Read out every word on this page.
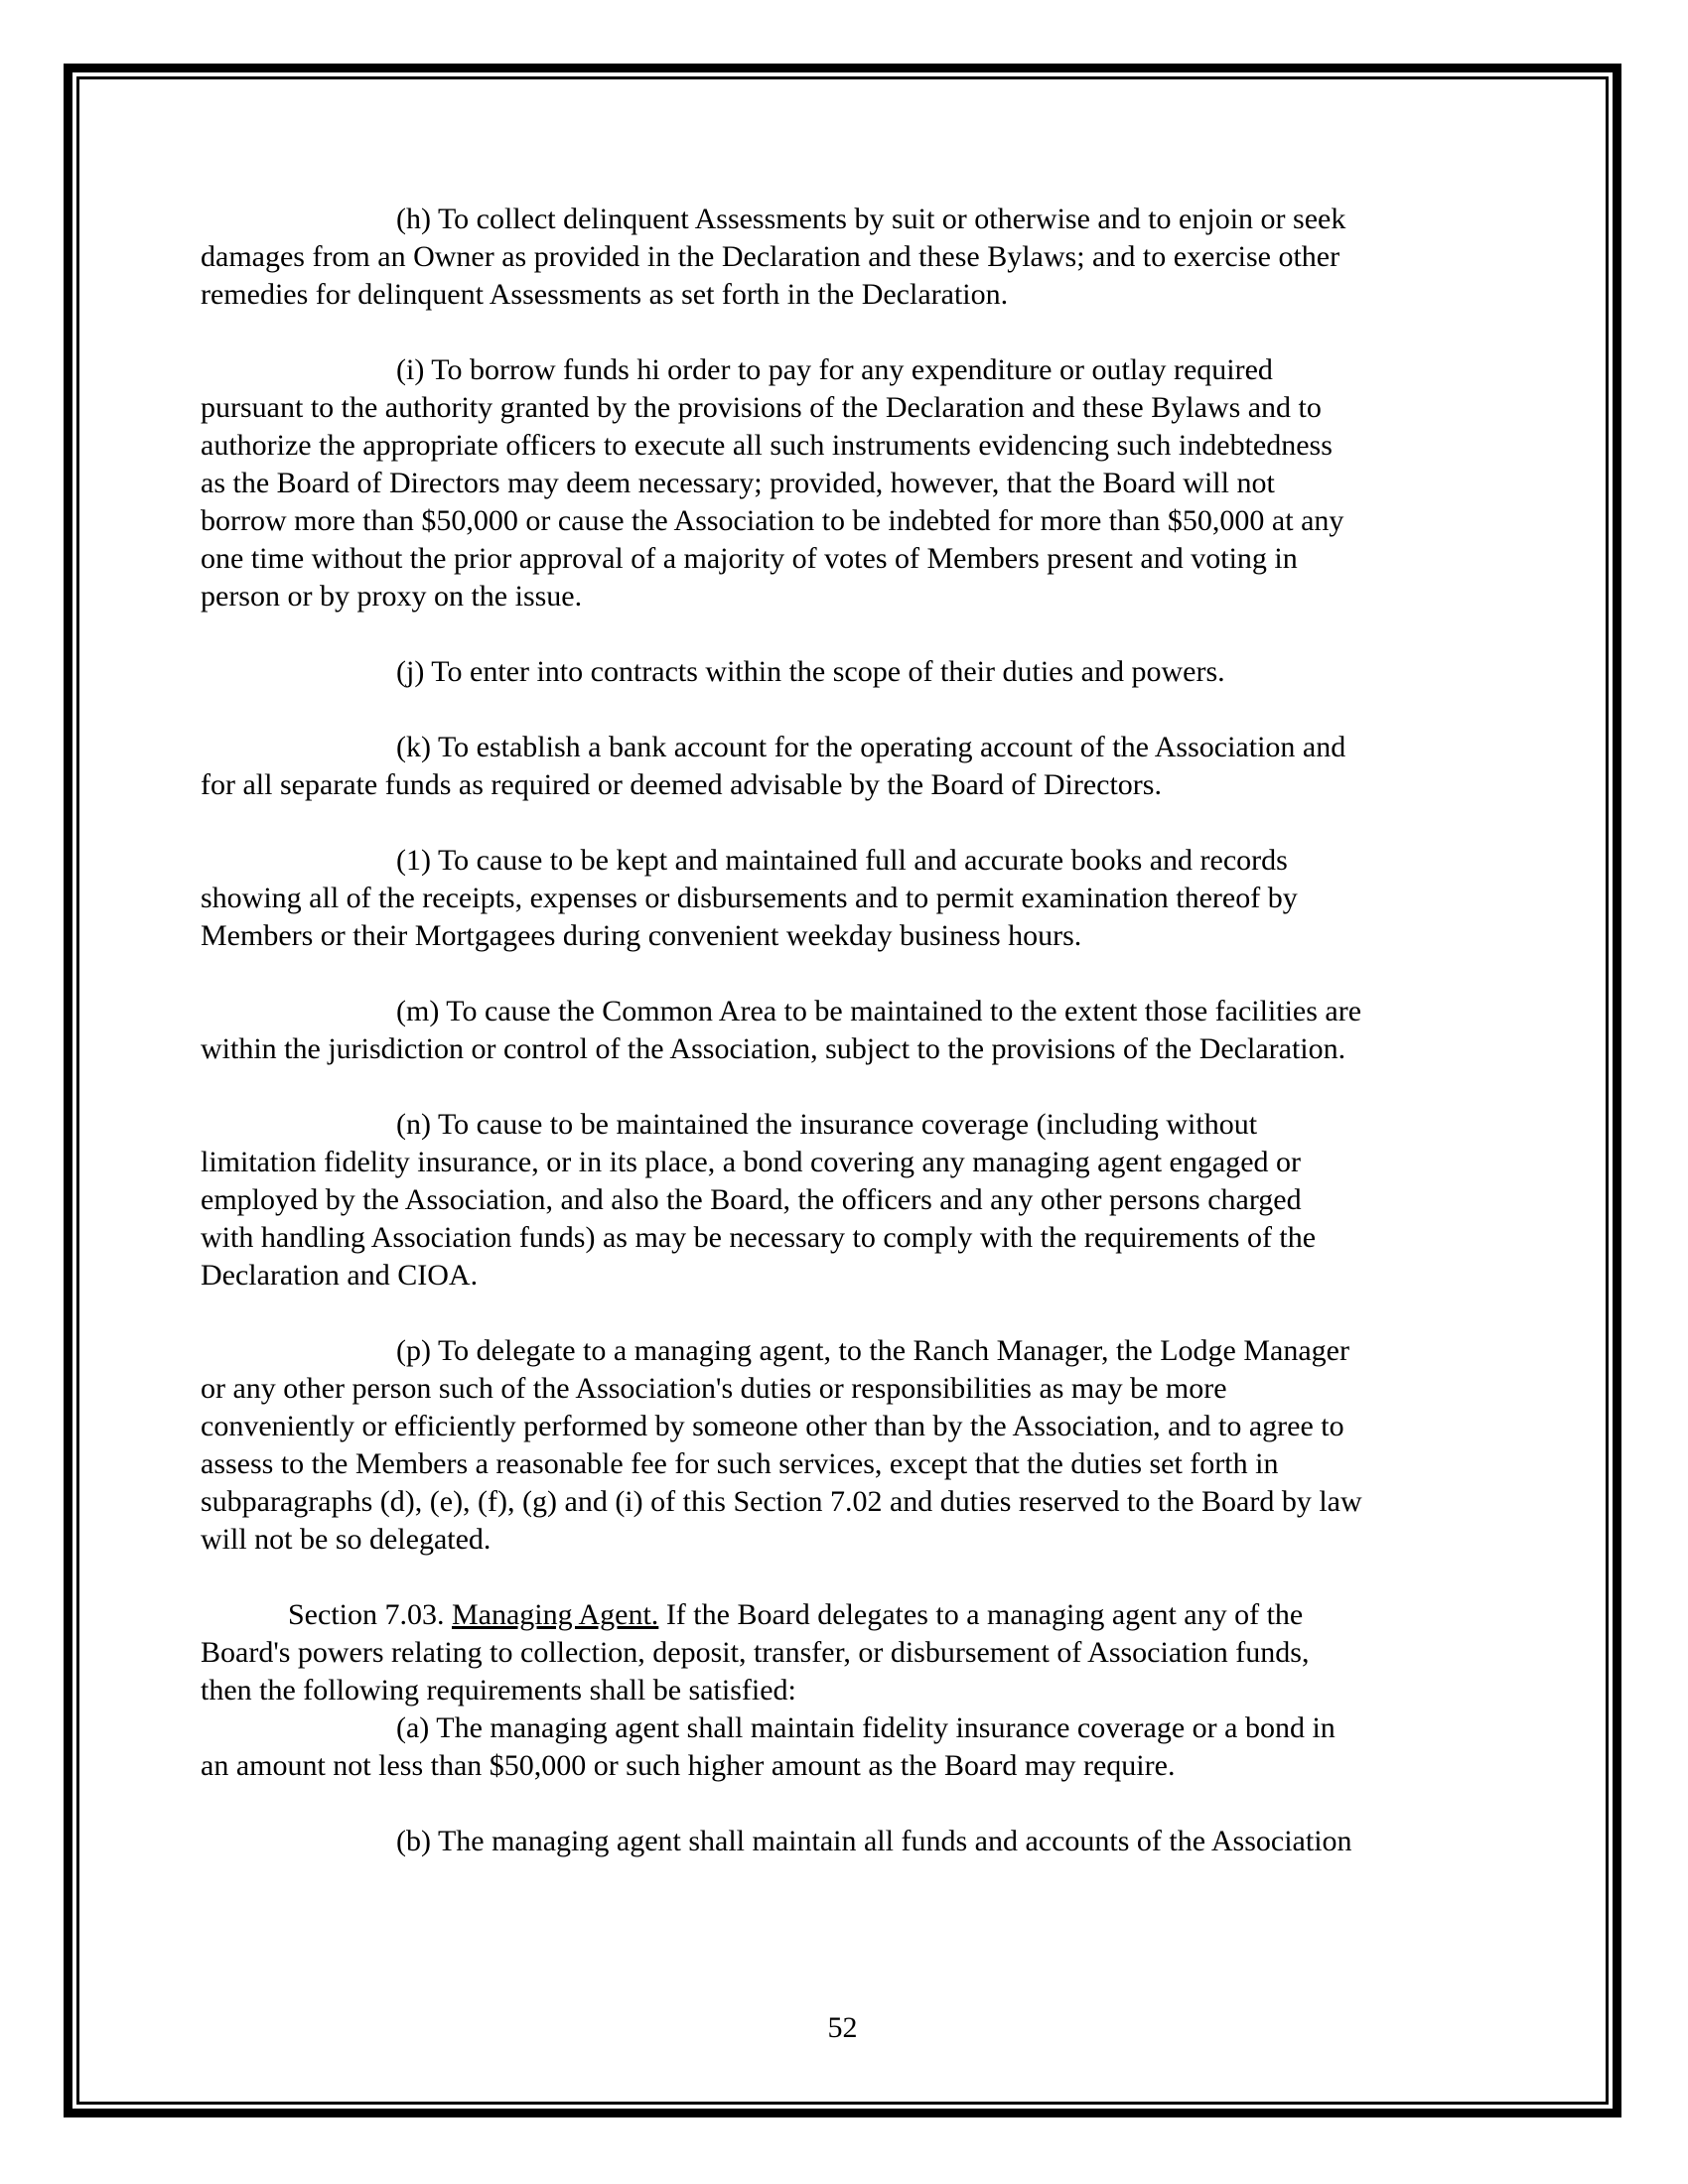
(h) To collect delinquent Assessments by suit or otherwise and to enjoin or seek
damages from an Owner as provided in the Declaration and these Bylaws; and to exercise other
remedies for delinquent Assessments as set forth in the Declaration.
(i) To borrow funds hi order to pay for any expenditure or outlay required
pursuant to the authority granted by the provisions of the Declaration and these Bylaws and to
authorize the appropriate officers to execute all such instruments evidencing such indebtedness
as the Board of Directors may deem necessary; provided, however, that the Board will not
borrow more than $50,000 or cause the Association to be indebted for more than $50,000 at any
one time without the prior approval of a majority of votes of Members present and voting in
person or by proxy on the issue.
(j) To enter into contracts within the scope of their duties and powers.
(k) To establish a bank account for the operating account of the Association and
for all separate funds as required or deemed advisable by the Board of Directors.
(1) To cause to be kept and maintained full and accurate books and records
showing all of the receipts, expenses or disbursements and to permit examination thereof by
Members or their Mortgagees during convenient weekday business hours.
(m) To cause the Common Area to be maintained to the extent those facilities are
within the jurisdiction or control of the Association, subject to the provisions of the Declaration.
(n) To cause to be maintained the insurance coverage (including without
limitation fidelity insurance, or in its place, a bond covering any managing agent engaged or
employed by the Association, and also the Board, the officers and any other persons charged
with handling Association funds) as may be necessary to comply with the requirements of the
Declaration and CIOA.
(p) To delegate to a managing agent, to the Ranch Manager, the Lodge Manager
or any other person such of the Association's duties or responsibilities as may be more
conveniently or efficiently performed by someone other than by the Association, and to agree to
assess to the Members a reasonable fee for such services, except that the duties set forth in
subparagraphs (d), (e), (f), (g) and (i) of this Section 7.02 and duties reserved to the Board by law
will not be so delegated.
Section 7.03. Managing Agent. If the Board delegates to a managing agent any of the
Board's powers relating to collection, deposit, transfer, or disbursement of Association funds,
then the following requirements shall be satisfied:
(a) The managing agent shall maintain fidelity insurance coverage or a bond in
an amount not less than $50,000 or such higher amount as the Board may require.
(b) The managing agent shall maintain all funds and accounts of the Association
52
